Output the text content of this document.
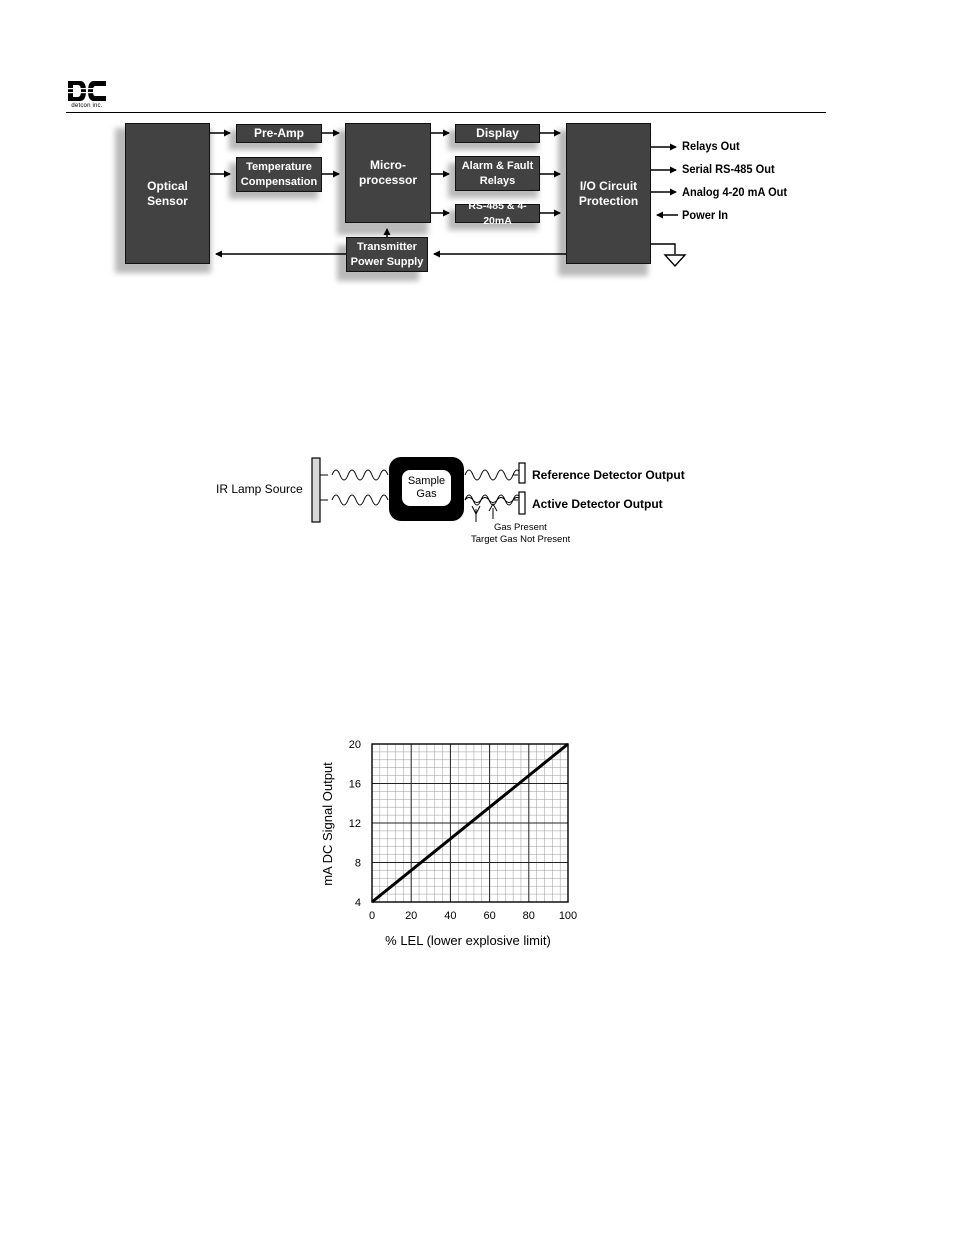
detcon inc.
Optical
Sensor
Pre-Amp
Temperature
Compensation
Micro-
processor
Display
Alarm & Fault
Relays
RS-485 & 4-20mA
I/O Circuit
Protection
Transmitter
Power Supply
Relays Out
Serial RS-485 Out
Analog 4-20 mA Out
Power In
IR Lamp Source
Sample
Gas
Reference Detector Output
Active Detector Output
Gas Present
Target Gas Not Present
0	20 40 60 80 100
4
8
12
16
20
% LEL (lower explosive limit)
mA DC Signal Output
